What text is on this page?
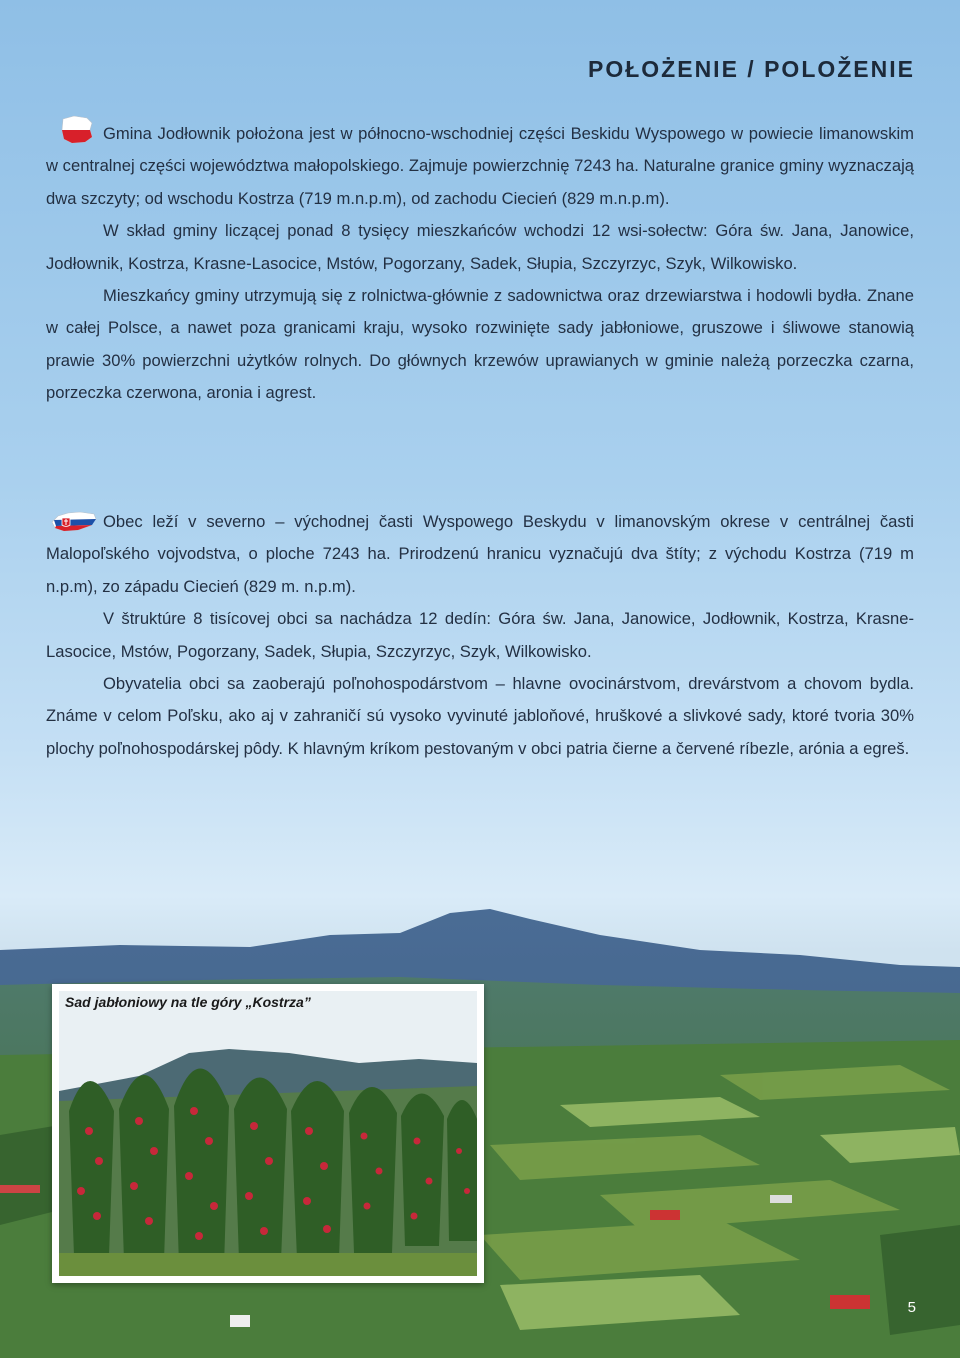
POŁOŻENIE / POLOŽENIE

Gmina Jodłownik położona jest w północno-wschodniej części Beskidu Wyspowego w powiecie limanowskim w centralnej części województwa małopolskiego. Zajmuje powierzchnię 7243 ha. Naturalne granice gminy wyznaczają dwa szczyty; od wschodu Kostrza (719 m.n.p.m), od zachodu Ciecień (829 m.n.p.m).

W skład gminy liczącej ponad 8 tysięcy mieszkańców wchodzi 12 wsi-sołectw: Góra św. Jana, Janowice, Jodłownik, Kostrza, Krasne-Lasocice, Mstów, Pogorzany, Sadek, Słupia, Szczyrzyc, Szyk, Wilkowisko.

Mieszkańcy gminy utrzymują się z rolnictwa-głównie z sadownictwa oraz drzewiarstwa i hodowli bydła. Znane w całej Polsce, a nawet poza granicami kraju, wysoko rozwinięte sady jabłoniowe, gruszowe i śliwowe stanowią prawie 30% powierzchni użytków rolnych. Do głównych krzewów uprawianych w gminie należą porzeczka czarna, porzeczka czerwona, aronia i agrest.

Obec leží v severno – východnej časti Wyspowego Beskydu v limanovským okrese v centrálnej časti Malopoľského vojvodstva, o ploche 7243 ha. Prirodzenú hranicu vyznačujú dva štíty; z východu Kostrza (719 m n.p.m), zo západu Ciecień (829 m. n.p.m).

V štruktúre 8 tisícovej obci sa nachádza 12 dedín: Góra św. Jana, Janowice, Jodłownik, Kostrza, Krasne-Lasocice, Mstów, Pogorzany, Sadek, Słupia, Szczyrzyc, Szyk, Wilkowisko.

Obyvatelia obci sa zaoberajú poľnohospodárstvom – hlavne ovocinárstvom, drevárstvom a chovom bydla. Známe v celom Poľsku, ako aj v zahraničí sú vysoko vyvinuté jabloňové, hruškové a slivkové sady, ktoré tvoria 30% plochy poľnohospodárskej pôdy. K hlavným kríkom pestovaným v obci patria čierne a červené ríbezle, arónia a egreš.

Sad jabłoniowy na tle góry „Kostrza”
5
